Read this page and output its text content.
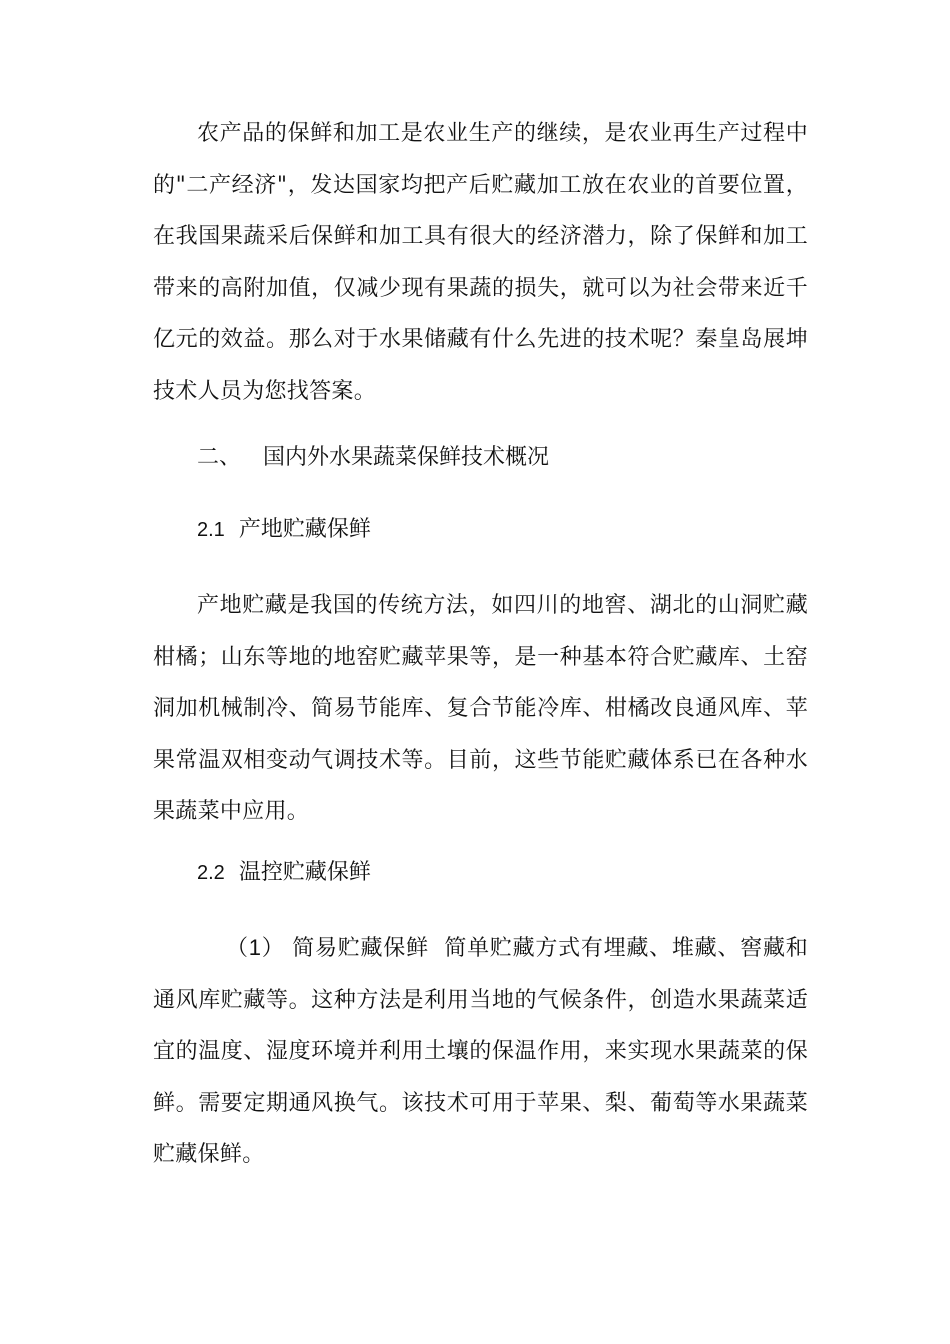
农产品的保鲜和加工是农业生产的继续，是农业再生产过程中的"二产经济"，发达国家均把产后贮藏加工放在农业的首要位置，在我国果蔬采后保鲜和加工具有很大的经济潜力，除了保鲜和加工带来的高附加值，仅减少现有果蔬的损失，就可以为社会带来近千亿元的效益。那么对于水果储藏有什么先进的技术呢？秦皇岛展坤技术人员为您找答案。

二、 国内外水果蔬菜保鲜技术概况

2.1 产地贮藏保鲜

产地贮藏是我国的传统方法，如四川的地窖、湖北的山洞贮藏柑橘；山东等地的地窑贮藏苹果等，是一种基本符合贮藏库、土窑洞加机械制冷、简易节能库、复合节能冷库、柑橘改良通风库、苹果常温双相变动气调技术等。目前，这些节能贮藏体系已在各种水果蔬菜中应用。

2.2 温控贮藏保鲜

（1） 简易贮藏保鲜 简单贮藏方式有埋藏、堆藏、窖藏和通风库贮藏等。这种方法是利用当地的气候条件，创造水果蔬菜适宜的温度、湿度环境并利用土壤的保温作用，来实现水果蔬菜的保鲜。需要定期通风换气。该技术可用于苹果、梨、葡萄等水果蔬菜贮藏保鲜。
